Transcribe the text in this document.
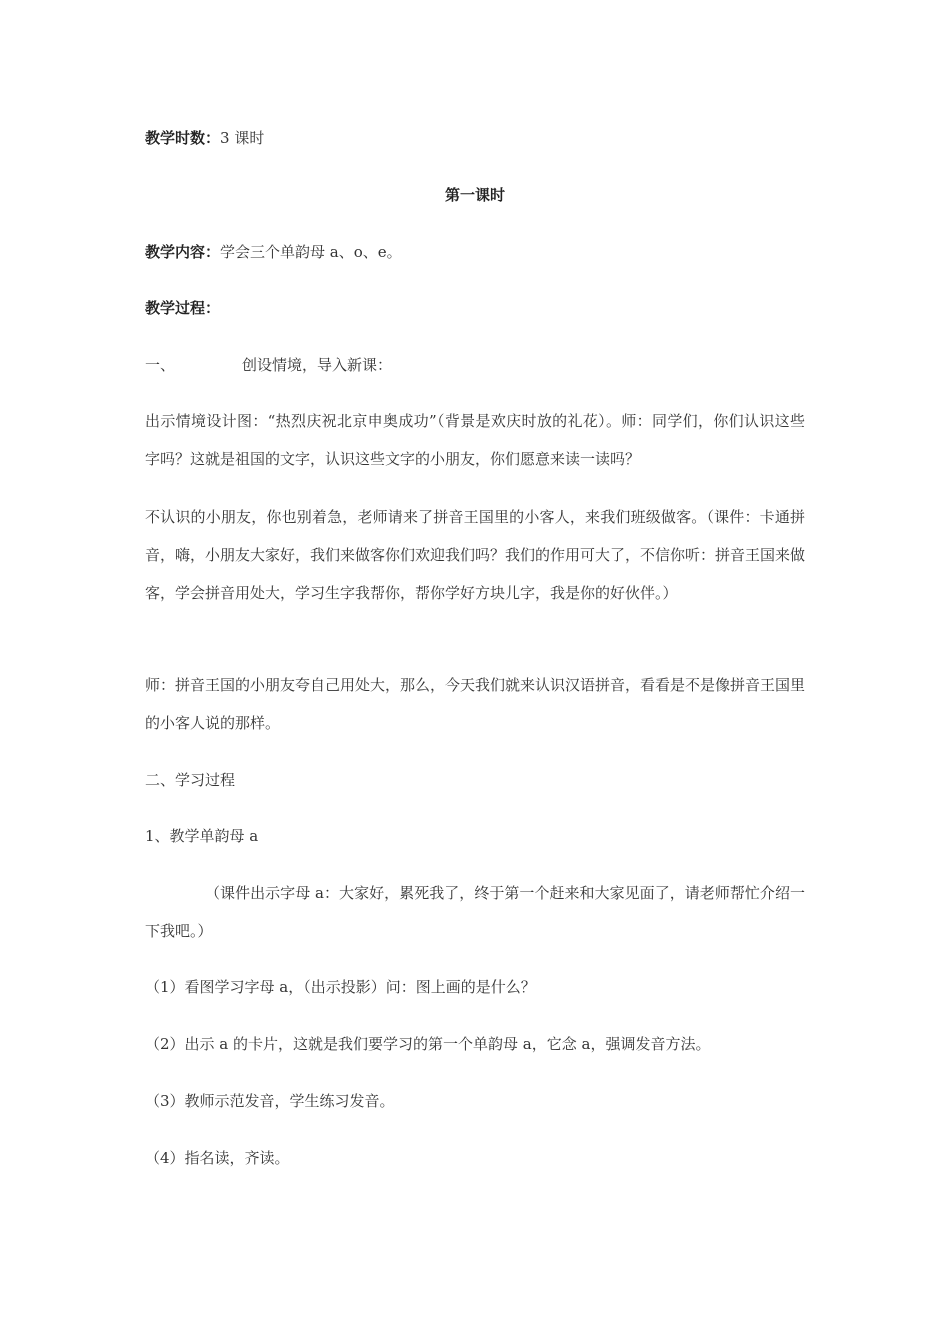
教学时数：3 课时
第一课时
教学内容：学会三个单韵母 a、o、e。
教学过程：
一、	创设情境，导入新课：
出示情境设计图：“热烈庆祝北京申奥成功”（背景是欢庆时放的礼花）。师：同学们，你们认识这些字吗？这就是祖国的文字，认识这些文字的小朋友，你们愿意来读一读吗？
不认识的小朋友，你也别着急，老师请来了拼音王国里的小客人，来我们班级做客。（课件：卡通拼音，嗨，小朋友大家好，我们来做客你们欢迎我们吗？我们的作用可大了，不信你听：拼音王国来做客，学会拼音用处大，学习生字我帮你，帮你学好方块儿字，我是你的好伙伴。）
师：拼音王国的小朋友夸自己用处大，那么，今天我们就来认识汉语拼音，看看是不是像拼音王国里的小客人说的那样。
二、学习过程
1、教学单韵母 a
（课件出示字母 a：大家好，累死我了，终于第一个赶来和大家见面了，请老师帮忙介绍一下我吧。）
（1）看图学习字母 a，（出示投影）问：图上画的是什么？
（2）出示 a 的卡片，这就是我们要学习的第一个单韵母 a，它念 a，强调发音方法。
（3）教师示范发音，学生练习发音。
（4）指名读，齐读。
